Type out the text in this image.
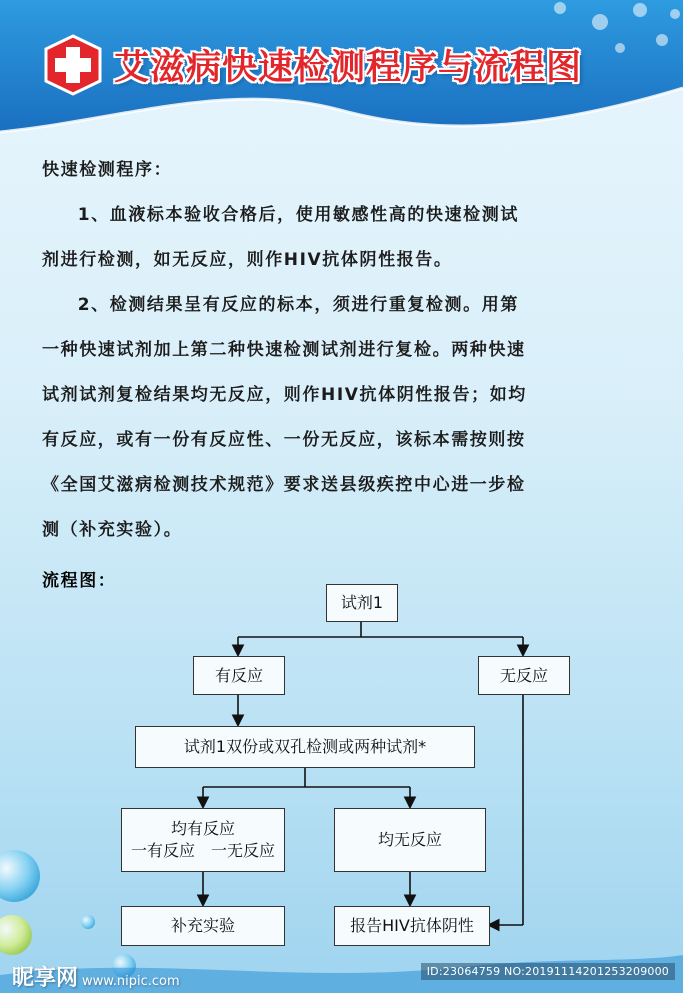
艾滋病快速检测程序与流程图

快速检测程序：

1、血液标本验收合格后，使用敏感性高的快速检测试

剂进行检测，如无反应，则作HIV抗体阴性报告。

2、检测结果呈有反应的标本，须进行重复检测。用第

一种快速试剂加上第二种快速检测试剂进行复检。两种快速

试剂试剂复检结果均无反应，则作HIV抗体阴性报告；如均

有反应，或有一份有反应性、一份无反应，该标本需按则按

《全国艾滋病检测技术规范》要求送县级疾控中心进一步检

测（补充实验）。

流程图：
试剂1
有反应	无反应
试剂1双份或双孔检测或两种试剂*
均有反应
一有反应　一无反应
均无反应
补充实验	报告HIV抗体阴性
昵享网 www.nipic.com
ID:23064759 NO:20191114201253209000
